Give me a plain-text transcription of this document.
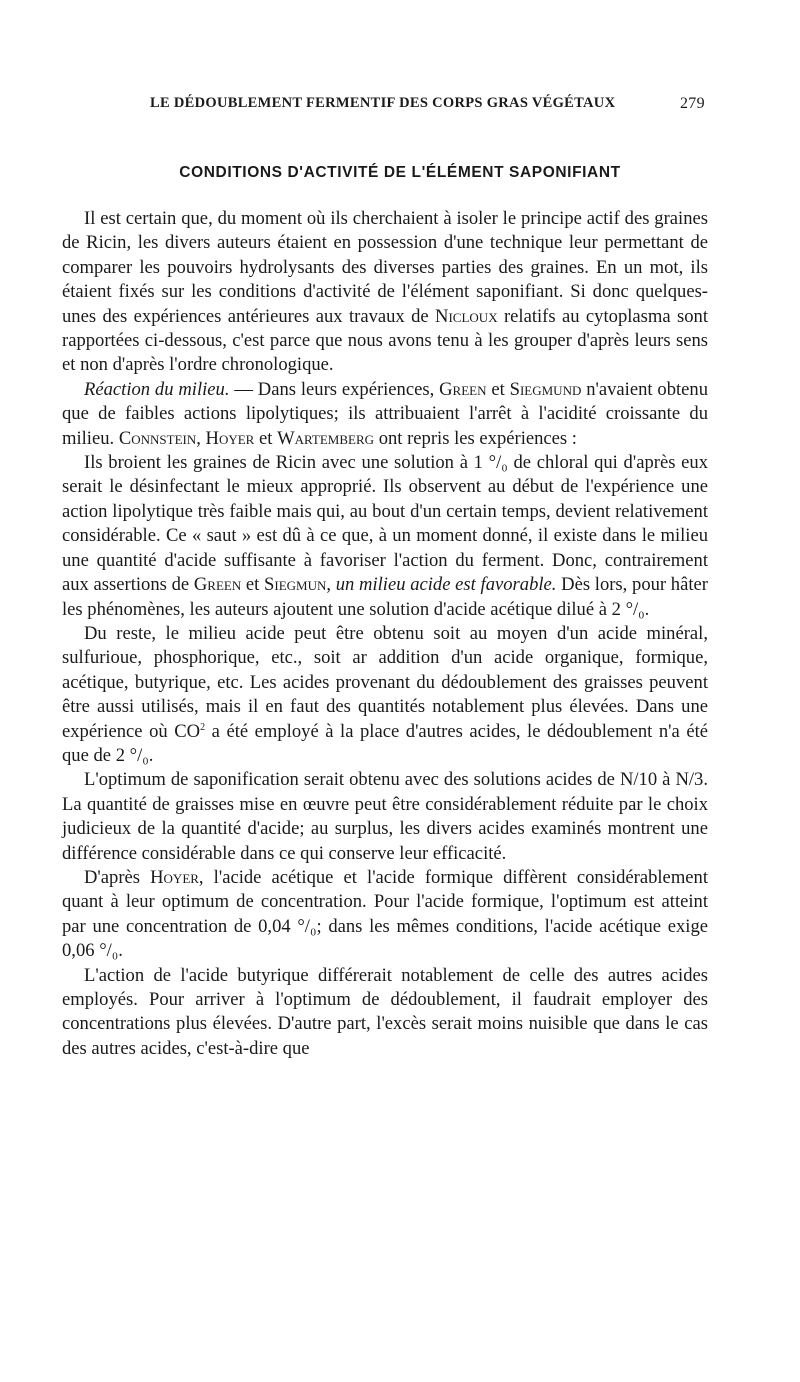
LE DÉDOUBLEMENT FERMENTIF DES CORPS GRAS VÉGÉTAUX	279
CONDITIONS D'ACTIVITÉ DE L'ÉLÉMENT SAPONIFIANT

Il est certain que, du moment où ils cherchaient à isoler le principe actif des graines de Ricin, les divers auteurs étaient en possession d'une technique leur permettant de comparer les pouvoirs hydrolysants des diverses parties des graines. En un mot, ils étaient fixés sur les conditions d'activité de l'élément saponifiant. Si donc quelques-unes des expériences antérieures aux travaux de Nicloux relatifs au cytoplasma sont rapportées ci-dessous, c'est parce que nous avons tenu à les grouper d'après leurs sens et non d'après l'ordre chronologique.

Réaction du milieu. — Dans leurs expériences, Green et Siegmund n'avaient obtenu que de faibles actions lipolytiques; ils attribuaient l'arrêt à l'acidité croissante du milieu. Connstein, Hoyer et Wartemberg ont repris les expériences :

Ils broient les graines de Ricin avec une solution à 1 °/₀ de chloral qui d'après eux serait le désinfectant le mieux approprié. Ils observent au début de l'expérience une action lipolytique très faible mais qui, au bout d'un certain temps, devient relativement considérable. Ce « saut » est dû à ce que, à un moment donné, il existe dans le milieu une quantité d'acide suffisante à favoriser l'action du ferment. Donc, contrairement aux assertions de Green et Siegmun, un milieu acide est favorable. Dès lors, pour hâter les phénomènes, les auteurs ajoutent une solution d'acide acétique dilué à 2 °/₀.

Du reste, le milieu acide peut être obtenu soit au moyen d'un acide minéral, sulfurioue, phosphorique, etc., soit ar addition d'un acide organique, formique, acétique, butyrique, etc. Les acides provenant du dédoublement des graisses peuvent être aussi utilisés, mais il en faut des quantités notablement plus élevées. Dans une expérience où $CO^2$ a été employé à la place d'autres acides, le dédoublement n'a été que de 2 °/₀.

L'optimum de saponification serait obtenu avec des solutions acides de N/10 à N/3. La quantité de graisses mise en œuvre peut être considérablement réduite par le choix judicieux de la quantité d'acide; au surplus, les divers acides examinés montrent une différence considérable dans ce qui conserve leur efficacité.

D'après Hoyer, l'acide acétique et l'acide formique diffèrent considérablement quant à leur optimum de concentration. Pour l'acide formique, l'optimum est atteint par une concentration de 0,04 °/₀; dans les mêmes conditions, l'acide acétique exige 0,06 °/₀.

L'action de l'acide butyrique différerait notablement de celle des autres acides employés. Pour arriver à l'optimum de dédoublement, il faudrait employer des concentrations plus élevées. D'autre part, l'excès serait moins nuisible que dans le cas des autres acides, c'est-à-dire que
